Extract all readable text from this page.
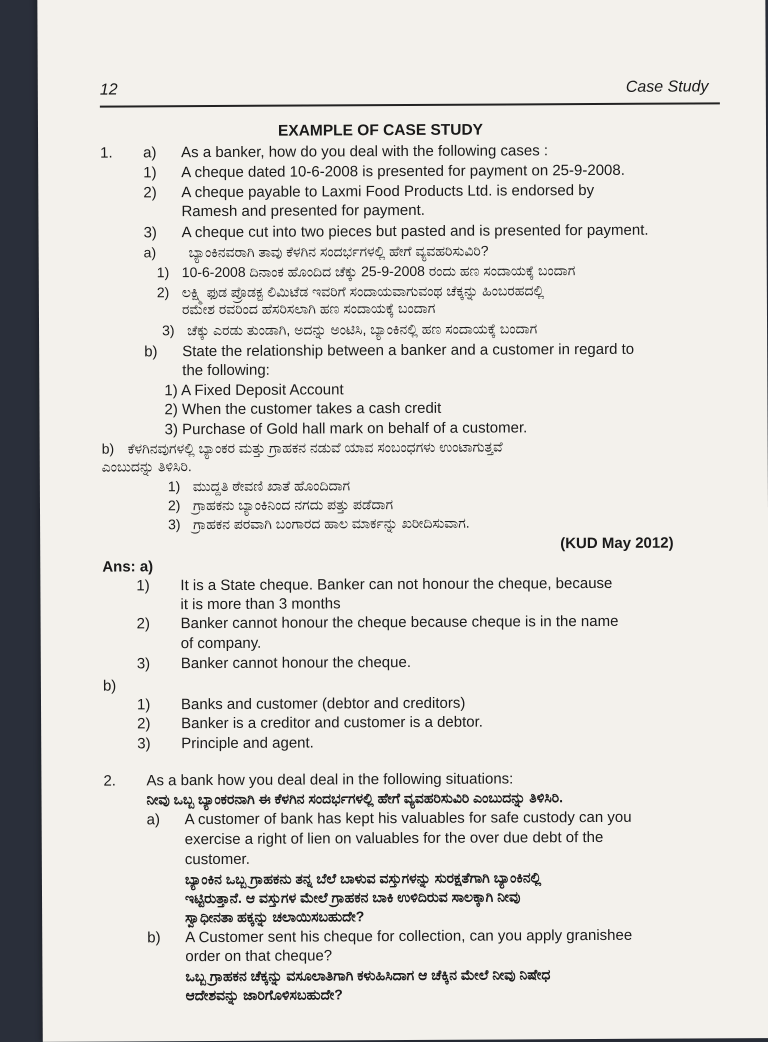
12	Case Study
EXAMPLE OF CASE STUDY
1. a) As a banker, how do you deal with the following cases :
1) A cheque dated 10-6-2008 is presented for payment on 25-9-2008.
2) A cheque payable to Laxmi Food Products Ltd. is endorsed by
Ramesh and presented for payment.
3) A cheque cut into two pieces but pasted and is presented for payment.
a) ಬ್ಯಾಂಕಿನವರಾಗಿ ತಾವು ಕೆಳಗಿನ ಸಂದರ್ಭಗಳಲ್ಲಿ ಹೇಗೆ ವ್ಯವಹರಿಸುವಿರಿ?
1) 10-6-2008 ದಿನಾಂಕ ಹೊಂದಿದ ಚೆಕ್ಕು 25-9-2008 ರಂದು ಹಣ ಸಂದಾಯಕ್ಕೆ ಬಂದಾಗ
2) ಲಕ್ಷ್ಮಿ ಫುಡ ಪ್ರೊಡಕ್ಟ ಲಿಮಿಟೆಡ ಇವರಿಗೆ ಸಂದಾಯವಾಗುವಂಥ ಚೆಕ್ಕನ್ನು ಹಿಂಬರಹದಲ್ಲಿ
ರಮೇಶ ರವರಿಂದ ಹೆಸರಿಸಲಾಗಿ ಹಣ ಸಂದಾಯಕ್ಕೆ ಬಂದಾಗ
3) ಚೆಕ್ಕು ಎರಡು ತುಂಡಾಗಿ, ಅದನ್ನು ಅಂಟಿಸಿ, ಬ್ಯಾಂಕಿನಲ್ಲಿ ಹಣ ಸಂದಾಯಕ್ಕೆ ಬಂದಾಗ
b) State the relationship between a banker and a customer in regard to
the following:
1) A Fixed Deposit Account
2) When the customer takes a cash credit
3) Purchase of Gold hall mark on behalf of a customer.
b) ಕೆಳಗಿನವುಗಳಲ್ಲಿ ಬ್ಯಾಂಕರ ಮತ್ತು ಗ್ರಾಹಕನ ನಡುವೆ ಯಾವ ಸಂಬಂಧಗಳು ಉಂಟಾಗುತ್ತವೆ
ಎಂಬುದನ್ನು ತಿಳಿಸಿರಿ.
1) ಮುದ್ದತಿ ಠೇವಣಿ ಖಾತೆ ಹೊಂದಿದಾಗ
2) ಗ್ರಾಹಕನು ಬ್ಯಾಂಕಿನಿಂದ ನಗದು ಪತ್ತು ಪಡೆದಾಗ
3) ಗ್ರಾಹಕನ ಪರವಾಗಿ ಬಂಗಾರದ ಹಾಲ ಮಾರ್ಕನ್ನು ಖರೀದಿಸುವಾಗ.
(KUD May 2012)
Ans: a)
1) It is a State cheque. Banker can not honour the cheque, because
it is more than 3 months
2) Banker cannot honour the cheque because cheque is in the name
of company.
3) Banker cannot honour the cheque.
b)
1) Banks and customer (debtor and creditors)
2) Banker is a creditor and customer is a debtor.
3) Principle and agent.
2. As a bank how you deal deal in the following situations:
ನೀವು ಒಬ್ಬ ಬ್ಯಾಂಕರನಾಗಿ ಈ ಕೆಳಗಿನ ಸಂದರ್ಭಗಳಲ್ಲಿ ಹೇಗೆ ವ್ಯವಹರಿಸುವಿರಿ ಎಂಬುದನ್ನು ತಿಳಿಸಿರಿ.
a) A customer of bank has kept his valuables for safe custody can you
exercise a right of lien on valuables for the over due debt of the
customer.
ಬ್ಯಾಂಕಿನ ಒಬ್ಬ ಗ್ರಾಹಕನು ತನ್ನ ಬೆಲೆ ಬಾಳುವ ವಸ್ತುಗಳನ್ನು ಸುರಕ್ಷತೆಗಾಗಿ ಬ್ಯಾಂಕಿನಲ್ಲಿ
ಇಟ್ಟಿರುತ್ತಾನೆ. ಆ ವಸ್ತುಗಳ ಮೇಲೆ ಗ್ರಾಹಕನ ಬಾಕಿ ಉಳಿದಿರುವ ಸಾಲಕ್ಕಾಗಿ ನೀವು
ಸ್ವಾಧೀನತಾ ಹಕ್ಕನ್ನು ಚಲಾಯಿಸಬಹುದೇ?
b) A Customer sent his cheque for collection, can you apply granishee
order on that cheque?
ಒಬ್ಬ ಗ್ರಾಹಕನ ಚೆಕ್ಕನ್ನು ವಸೂಲಾತಿಗಾಗಿ ಕಳುಹಿಸಿದಾಗ ಆ ಚೆಕ್ಕಿನ ಮೇಲೆ ನೀವು ನಿಷೇಧ
ಆದೇಶವನ್ನು ಜಾರಿಗೊಳಿಸಬಹುದೇ?
